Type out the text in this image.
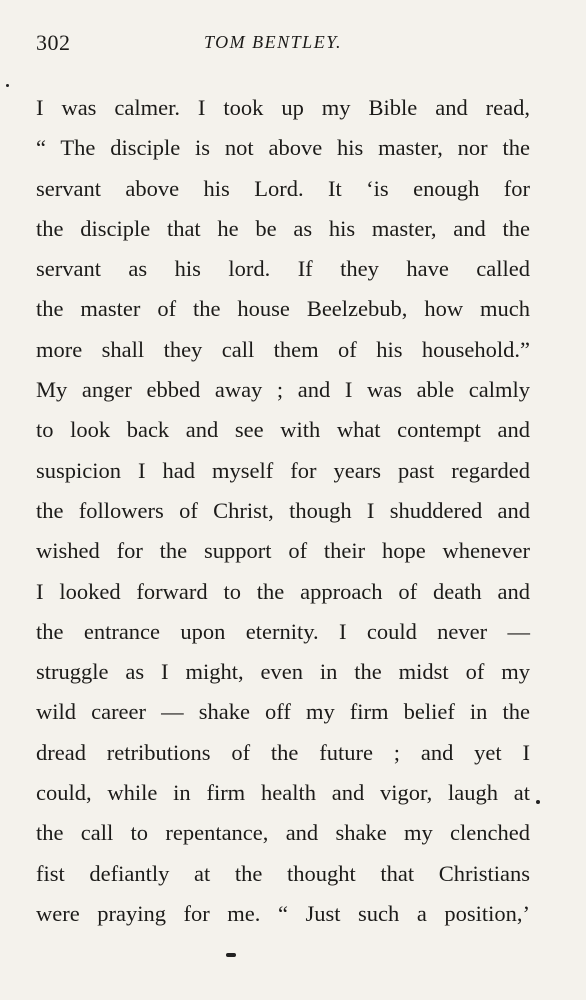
302	TOM BENTLEY.
I was calmer. I took up my Bible and read,
“ The disciple is not above his master, nor the
servant above his Lord. It ‘is enough for
the disciple that he be as his master, and the
servant as his lord. If they have called
the master of the house Beelzebub, how much
more shall they call them of his household.”
My anger ebbed away ; and I was able calmly
to look back and see with what contempt and
suspicion I had myself for years past regarded
the followers of Christ, though I shuddered and
wished for the support of their hope whenever
I looked forward to the approach of death and
the entrance upon eternity. I could never —
struggle as I might, even in the midst of my
wild career — shake off my firm belief in the
dread retributions of the future ; and yet I
could, while in firm health and vigor, laugh at
the call to repentance, and shake my clenched
fist defiantly at the thought that Christians
were praying for me. “ Just such a position,’
